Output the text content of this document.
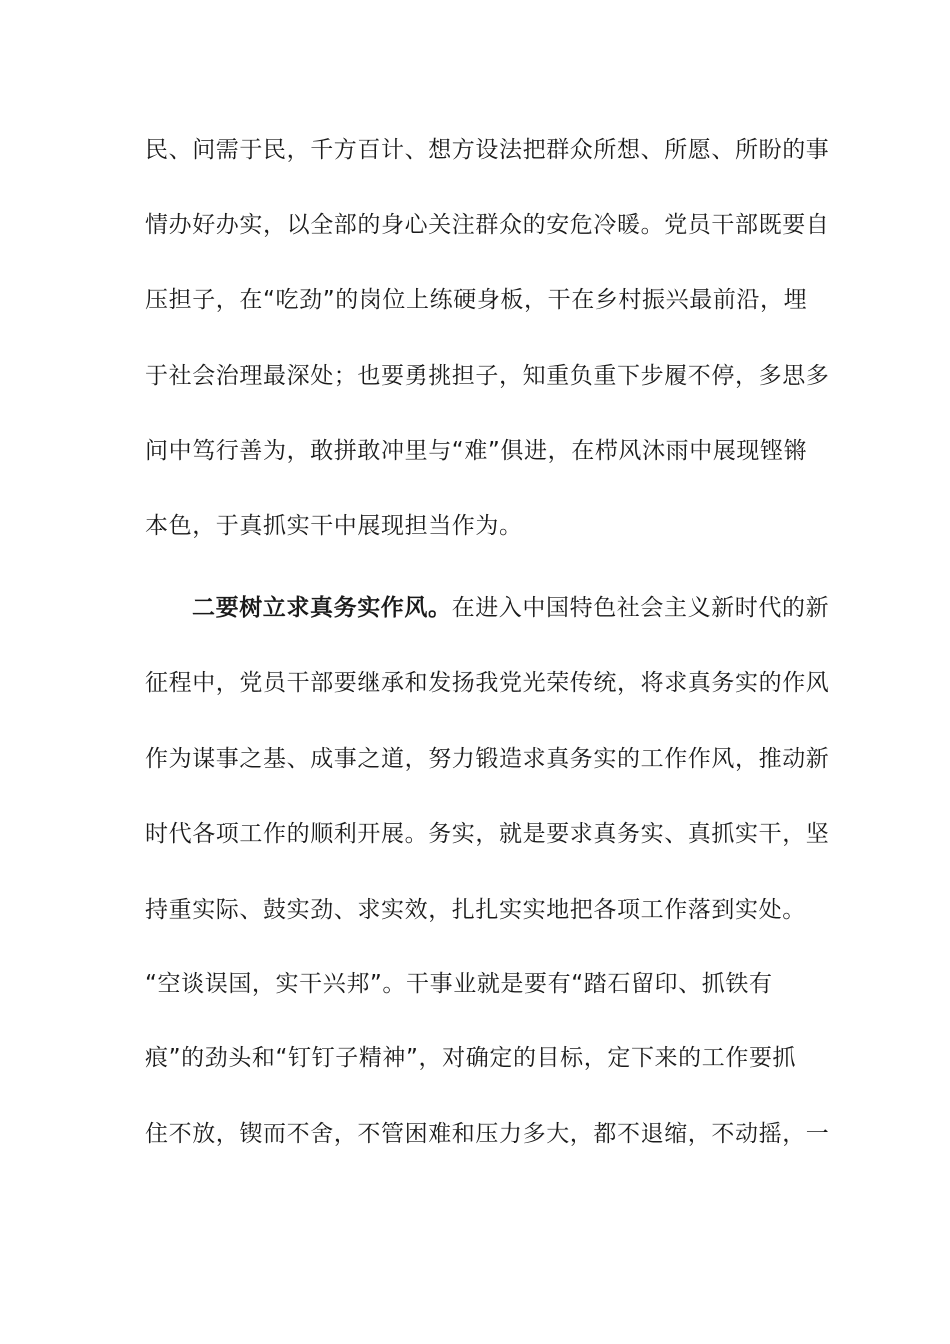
民、问需于民，千方百计、想方设法把群众所想、所愿、所盼的事
情办好办实，以全部的身心关注群众的安危冷暖。党员干部既要自
压担子，在“吃劲”的岗位上练硬身板，干在乡村振兴最前沿，埋
于社会治理最深处；也要勇挑担子，知重负重下步履不停，多思多
问中笃行善为，敢拼敢冲里与“难”俱进，在栉风沐雨中展现铿锵
本色，于真抓实干中展现担当作为。
二要树立求真务实作风。在进入中国特色社会主义新时代的新
征程中，党员干部要继承和发扬我党光荣传统，将求真务实的作风
作为谋事之基、成事之道，努力锻造求真务实的工作作风，推动新
时代各项工作的顺利开展。务实，就是要求真务实、真抓实干，坚
持重实际、鼓实劲、求实效，扎扎实实地把各项工作落到实处。
“空谈误国，实干兴邦”。干事业就是要有“踏石留印、抓铁有
痕”的劲头和“钉钉子精神”，对确定的目标，定下来的工作要抓
住不放，锲而不舍，不管困难和压力多大，都不退缩，不动摇，一
